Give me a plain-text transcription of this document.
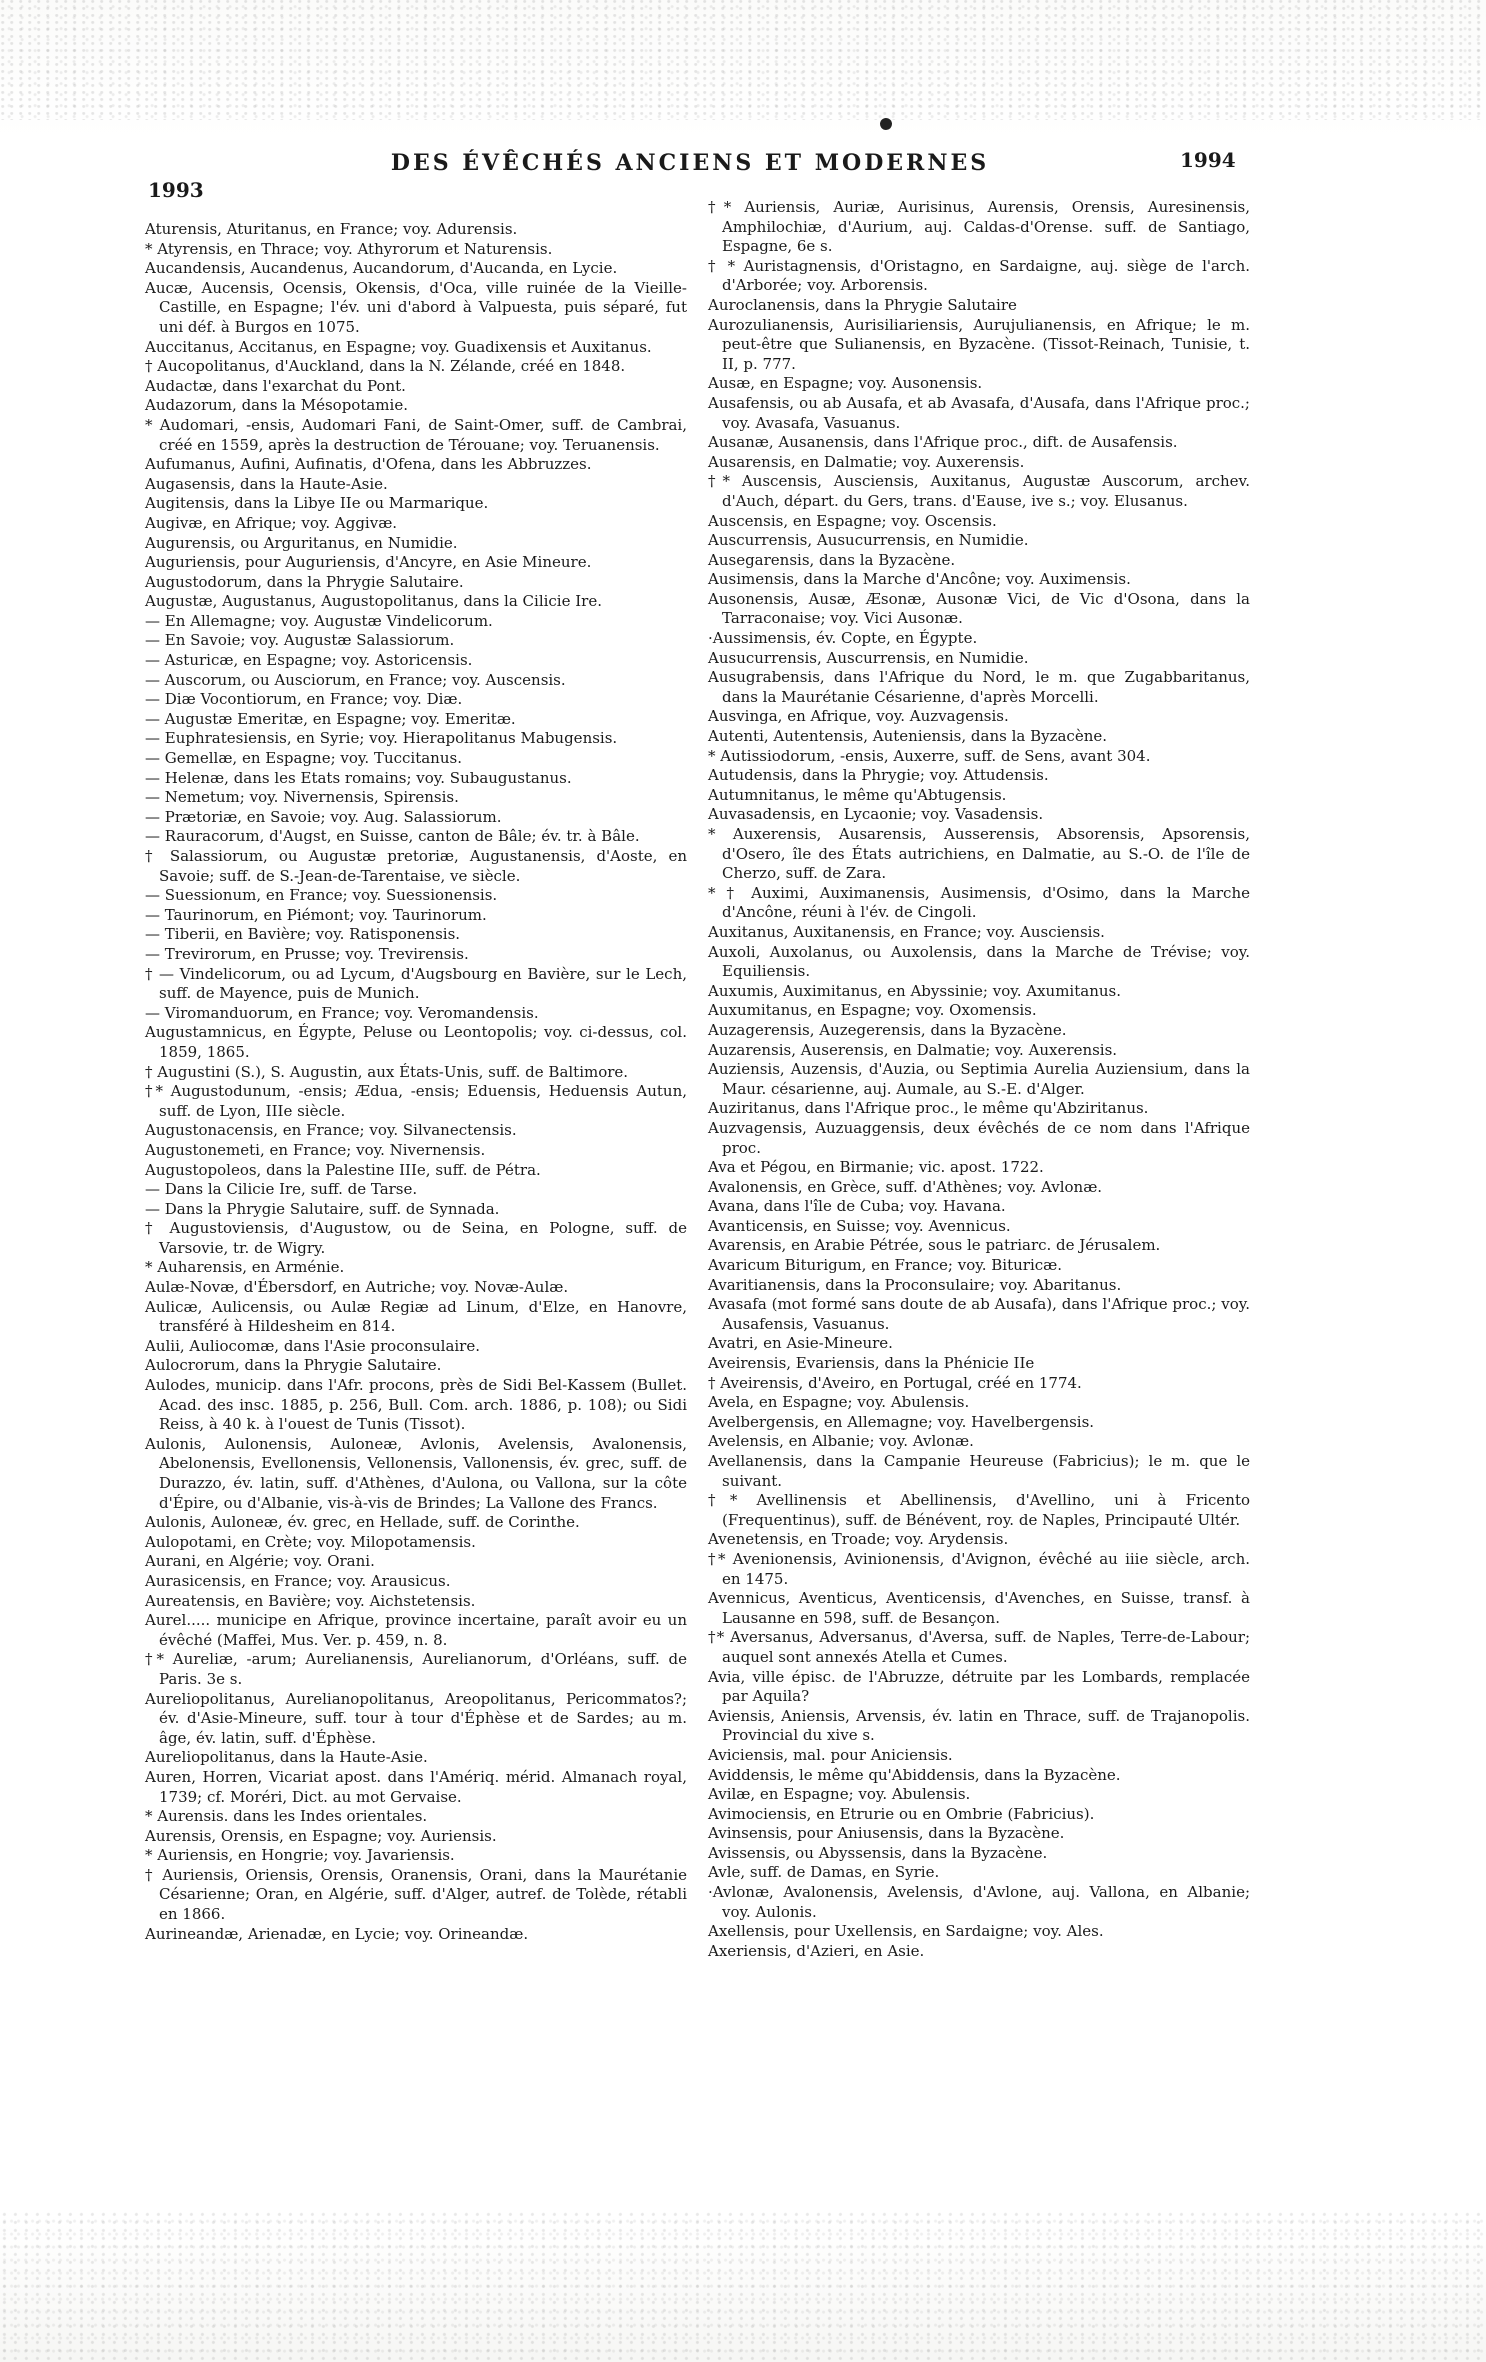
1993
DES ÉVÊCHÉS ANCIENS ET MODERNES	1994

Aturensis, Aturitanus, en France; voy. Adurensis.

* Atyrensis, en Thrace; voy. Athyrorum et Naturensis.

Aucandensis, Aucandenus, Aucandorum, d'Aucanda, en Lycie.

Aucæ, Aucensis, Ocensis, Okensis, d'Oca, ville ruinée de la Vieille-Castille, en Espagne; l'év. uni d'abord à Valpuesta, puis séparé, fut uni déf. à Burgos en 1075.

Auccitanus, Accitanus, en Espagne; voy. Guadixensis et Auxitanus.

† Aucopolitanus, d'Auckland, dans la N. Zélande, créé en 1848.

Audactæ, dans l'exarchat du Pont.

Audazorum, dans la Mésopotamie.

* Audomari, -ensis, Audomari Fani, de Saint-Omer, suff. de Cambrai, créé en 1559, après la destruction de Térouane; voy. Teruanensis.

Aufumanus, Aufini, Aufinatis, d'Ofena, dans les Abbruzzes.

Augasensis, dans la Haute-Asie.

Augitensis, dans la Libye IIe ou Marmarique.

Augivæ, en Afrique; voy. Aggivæ.

Augurensis, ou Arguritanus, en Numidie.

Auguriensis, pour Auguriensis, d'Ancyre, en Asie Mineure.

Augustodorum, dans la Phrygie Salutaire.

Augustæ, Augustanus, Augustopolitanus, dans la Cilicie Ire.

— En Allemagne; voy. Augustæ Vindelicorum.

— En Savoie; voy. Augustæ Salassiorum.

— Asturicæ, en Espagne; voy. Astoricensis.

— Auscorum, ou Ausciorum, en France; voy. Auscensis.

— Diæ Vocontiorum, en France; voy. Diæ.

— Augustæ Emeritæ, en Espagne; voy. Emeritæ.

— Euphratesiensis, en Syrie; voy. Hierapolitanus Mabugensis.

— Gemellæ, en Espagne; voy. Tuccitanus.

— Helenæ, dans les Etats romains; voy. Subaugustanus.

— Nemetum; voy. Nivernensis, Spirensis.

— Prætoriæ, en Savoie; voy. Aug. Salassiorum.

— Rauracorum, d'Augst, en Suisse, canton de Bâle; év. tr. à Bâle.

† Salassiorum, ou Augustæ pretoriæ, Augustanensis, d'Aoste, en Savoie; suff. de S.-Jean-de-Tarentaise, ve siècle.

— Suessionum, en France; voy. Suessionensis.

— Taurinorum, en Piémont; voy. Taurinorum.

— Tiberii, en Bavière; voy. Ratisponensis.

— Trevirorum, en Prusse; voy. Trevirensis.

† — Vindelicorum, ou ad Lycum, d'Augsbourg en Bavière, sur le Lech, suff. de Mayence, puis de Munich.

— Viromanduorum, en France; voy. Veromandensis.

Augustamnicus, en Égypte, Peluse ou Leontopolis; voy. ci-dessus, col. 1859, 1865.

† Augustini (S.), S. Augustin, aux États-Unis, suff. de Baltimore.

†* Augustodunum, -ensis; Ædua, -ensis; Eduensis, Heduensis Autun, suff. de Lyon, IIIe siècle.

Augustonacensis, en France; voy. Silvanectensis.

Augustonemeti, en France; voy. Nivernensis.

Augustopoleos, dans la Palestine IIIe, suff. de Pétra.

— Dans la Cilicie Ire, suff. de Tarse.

— Dans la Phrygie Salutaire, suff. de Synnada.

† Augustoviensis, d'Augustow, ou de Seina, en Pologne, suff. de Varsovie, tr. de Wigry.

* Auharensis, en Arménie.

Aulæ-Novæ, d'Ébersdorf, en Autriche; voy. Novæ-Aulæ.

Aulicæ, Aulicensis, ou Aulæ Regiæ ad Linum, d'Elze, en Hanovre, transféré à Hildesheim en 814.

Aulii, Auliocomæ, dans l'Asie proconsulaire.

Aulocrorum, dans la Phrygie Salutaire.

Aulodes, municip. dans l'Afr. procons, près de Sidi Bel-Kassem (Bullet. Acad. des insc. 1885, p. 256, Bull. Com. arch. 1886, p. 108); ou Sidi Reiss, à 40 k. à l'ouest de Tunis (Tissot).

Aulonis, Aulonensis, Auloneæ, Avlonis, Avelensis, Avalonensis, Abelonensis, Evellonensis, Vellonensis, Vallonensis, év. grec, suff. de Durazzo, év. latin, suff. d'Athènes, d'Aulona, ou Vallona, sur la côte d'Épire, ou d'Albanie, vis-à-vis de Brindes; La Vallone des Francs.

Aulonis, Auloneæ, év. grec, en Hellade, suff. de Corinthe.

Aulopotami, en Crète; voy. Milopotamensis.

Aurani, en Algérie; voy. Orani.

Aurasicensis, en France; voy. Arausicus.

Aureatensis, en Bavière; voy. Aichstetensis.

Aurel..... municipe en Afrique, province incertaine, paraît avoir eu un évêché (Maffei, Mus. Ver. p. 459, n. 8.

†* Aureliæ, -arum; Aurelianensis, Aurelianorum, d'Orléans, suff. de Paris. 3e s.

Aureliopolitanus, Aurelianopolitanus, Areopolitanus, Pericommatos?; év. d'Asie-Mineure, suff. tour à tour d'Éphèse et de Sardes; au m. âge, év. latin, suff. d'Éphèse.

Aureliopolitanus, dans la Haute-Asie.

Auren, Horren, Vicariat apost. dans l'Amériq. mérid. Almanach royal, 1739; cf. Moréri, Dict. au mot Gervaise.

* Aurensis. dans les Indes orientales.

Aurensis, Orensis, en Espagne; voy. Auriensis.

* Auriensis, en Hongrie; voy. Javariensis.

† Auriensis, Oriensis, Orensis, Oranensis, Orani, dans la Maurétanie Césarienne; Oran, en Algérie, suff. d'Alger, autref. de Tolède, rétabli en 1866.

Aurineandæ, Arienadæ, en Lycie; voy. Orineandæ.

†* Auriensis, Auriæ, Aurisinus, Aurensis, Orensis, Auresinensis, Amphilochiæ, d'Aurium, auj. Caldas-d'Orense. suff. de Santiago, Espagne, 6e s.

† * Auristagnensis, d'Oristagno, en Sardaigne, auj. siège de l'arch. d'Arborée; voy. Arborensis.

Auroclanensis, dans la Phrygie Salutaire

Aurozulianensis, Aurisiliariensis, Aurujulianensis, en Afrique; le m. peut-être que Sulianensis, en Byzacène. (Tissot-Reinach, Tunisie, t. II, p. 777.

Ausæ, en Espagne; voy. Ausonensis.

Ausafensis, ou ab Ausafa, et ab Avasafa, d'Ausafa, dans l'Afrique proc.; voy. Avasafa, Vasuanus.

Ausanæ, Ausanensis, dans l'Afrique proc., dift. de Ausafensis.

Ausarensis, en Dalmatie; voy. Auxerensis.

†* Auscensis, Ausciensis, Auxitanus, Augustæ Auscorum, archev. d'Auch, départ. du Gers, trans. d'Eause, ive s.; voy. Elusanus.

Auscensis, en Espagne; voy. Oscensis.

Auscurrensis, Ausucurrensis, en Numidie.

Ausegarensis, dans la Byzacène.

Ausimensis, dans la Marche d'Ancône; voy. Auximensis.

Ausonensis, Ausæ, Æsonæ, Ausonæ Vici, de Vic d'Osona, dans la Tarraconaise; voy. Vici Ausonæ.

·Aussimensis, év. Copte, en Égypte.

Ausucurrensis, Auscurrensis, en Numidie.

Ausugrabensis, dans l'Afrique du Nord, le m. que Zugabbaritanus, dans la Maurétanie Césarienne, d'après Morcelli.

Ausvinga, en Afrique, voy. Auzvagensis.

Autenti, Autentensis, Auteniensis, dans la Byzacène.

* Autissiodorum, -ensis, Auxerre, suff. de Sens, avant 304.

Autudensis, dans la Phrygie; voy. Attudensis.

Autumnitanus, le même qu'Abtugensis.

Auvasadensis, en Lycaonie; voy. Vasadensis.

* Auxerensis, Ausarensis, Ausserensis, Absorensis, Apsorensis, d'Osero, île des États autrichiens, en Dalmatie, au S.-O. de l'île de Cherzo, suff. de Zara.

* † Auximi, Auximanensis, Ausimensis, d'Osimo, dans la Marche d'Ancône, réuni à l'év. de Cingoli.

Auxitanus, Auxitanensis, en France; voy. Ausciensis.

Auxoli, Auxolanus, ou Auxolensis, dans la Marche de Trévise; voy. Equiliensis.

Auxumis, Auximitanus, en Abyssinie; voy. Axumitanus.

Auxumitanus, en Espagne; voy. Oxomensis.

Auzagerensis, Auzegerensis, dans la Byzacène.

Auzarensis, Auserensis, en Dalmatie; voy. Auxerensis.

Auziensis, Auzensis, d'Auzia, ou Septimia Aurelia Auziensium, dans la Maur. césarienne, auj. Aumale, au S.-E. d'Alger.

Auziritanus, dans l'Afrique proc., le même qu'Abziritanus.

Auzvagensis, Auzuaggensis, deux évêchés de ce nom dans l'Afrique proc.

Ava et Pégou, en Birmanie; vic. apost. 1722.

Avalonensis, en Grèce, suff. d'Athènes; voy. Avlonæ.

Avana, dans l'île de Cuba; voy. Havana.

Avanticensis, en Suisse; voy. Avennicus.

Avarensis, en Arabie Pétrée, sous le patriarc. de Jérusalem.

Avaricum Biturigum, en France; voy. Bituricæ.

Avaritianensis, dans la Proconsulaire; voy. Abaritanus.

Avasafa (mot formé sans doute de ab Ausafa), dans l'Afrique proc.; voy. Ausafensis, Vasuanus.

Avatri, en Asie-Mineure.

Aveirensis, Evariensis, dans la Phénicie IIe

† Aveirensis, d'Aveiro, en Portugal, créé en 1774.

Avela, en Espagne; voy. Abulensis.

Avelbergensis, en Allemagne; voy. Havelbergensis.

Avelensis, en Albanie; voy. Avlonæ.

Avellanensis, dans la Campanie Heureuse (Fabricius); le m. que le suivant.

†* Avellinensis et Abellinensis, d'Avellino, uni à Fricento (Frequentinus), suff. de Bénévent, roy. de Naples, Principauté Ultér.

Avenetensis, en Troade; voy. Arydensis.

†* Avenionensis, Avinionensis, d'Avignon, évêché au iiie siècle, arch. en 1475.

Avennicus, Aventicus, Aventicensis, d'Avenches, en Suisse, transf. à Lausanne en 598, suff. de Besançon.

†* Aversanus, Adversanus, d'Aversa, suff. de Naples, Terre-de-Labour; auquel sont annexés Atella et Cumes.

Avia, ville épisc. de l'Abruzze, détruite par les Lombards, remplacée par Aquila?

Aviensis, Aniensis, Arvensis, év. latin en Thrace, suff. de Trajanopolis. Provincial du xive s.

Aviciensis, mal. pour Aniciensis.

Aviddensis, le même qu'Abiddensis, dans la Byzacène.

Avilæ, en Espagne; voy. Abulensis.

Avimociensis, en Etrurie ou en Ombrie (Fabricius).

Avinsensis, pour Aniusensis, dans la Byzacène.

Avissensis, ou Abyssensis, dans la Byzacène.

Avle, suff. de Damas, en Syrie.

·Avlonæ, Avalonensis, Avelensis, d'Avlone, auj. Vallona, en Albanie; voy. Aulonis.

Axellensis, pour Uxellensis, en Sardaigne; voy. Ales.

Axeriensis, d'Azieri, en Asie.
